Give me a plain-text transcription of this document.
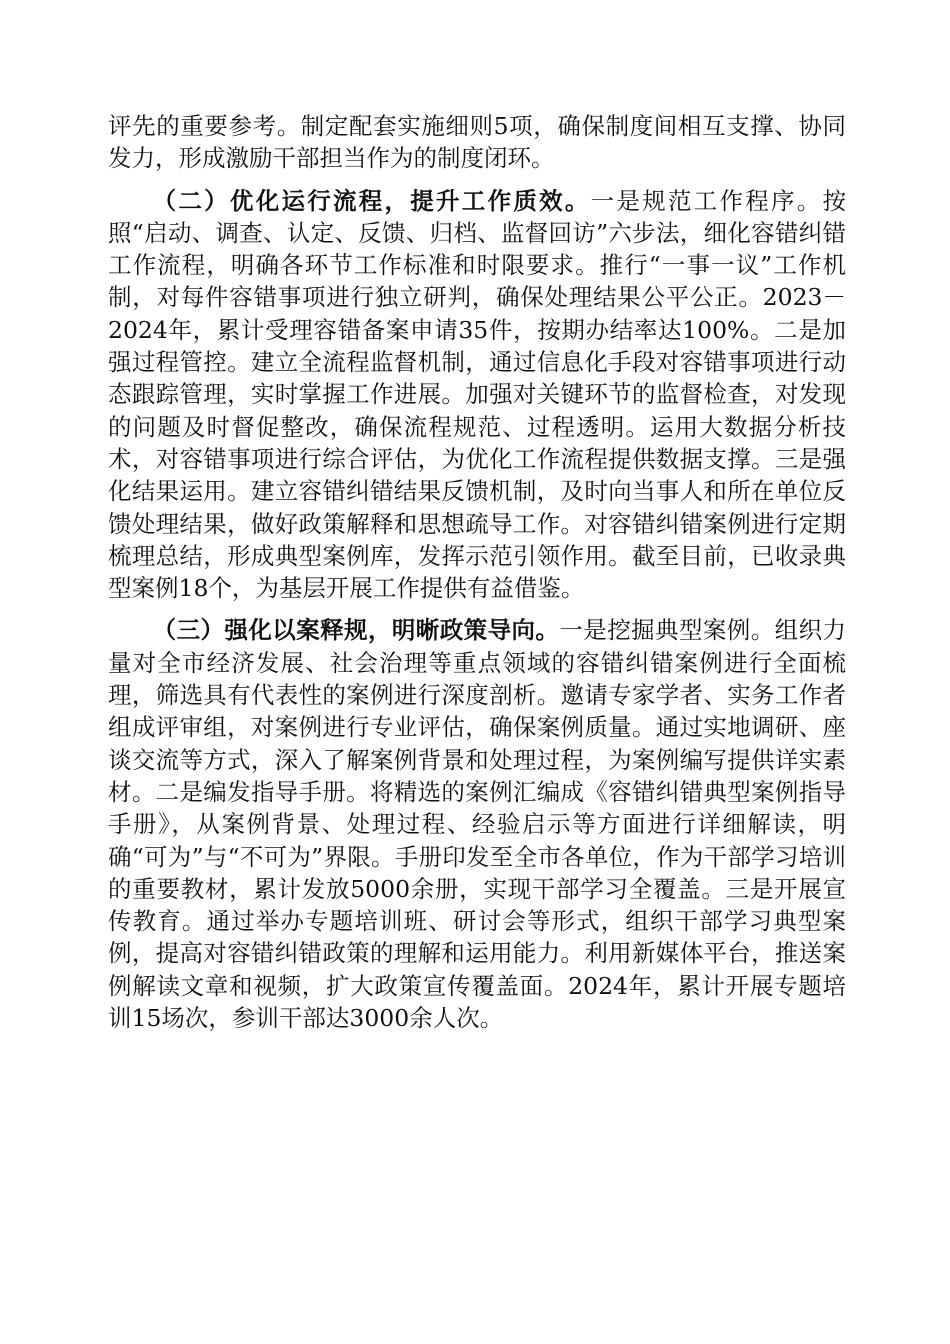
评先的重要参考。制定配套实施细则5项，确保制度间相互支撑、协同发力，形成激励干部担当作为的制度闭环。

（二）优化运行流程，提升工作质效。一是规范工作程序。按照“启动、调查、认定、反馈、归档、监督回访”六步法，细化容错纠错工作流程，明确各环节工作标准和时限要求。推行“一事一议”工作机制，对每件容错事项进行独立研判，确保处理结果公平公正。2023－2024年，累计受理容错备案申请35件，按期办结率达100%。二是加强过程管控。建立全流程监督机制，通过信息化手段对容错事项进行动态跟踪管理，实时掌握工作进展。加强对关键环节的监督检查，对发现的问题及时督促整改，确保流程规范、过程透明。运用大数据分析技术，对容错事项进行综合评估，为优化工作流程提供数据支撑。三是强化结果运用。建立容错纠错结果反馈机制，及时向当事人和所在单位反馈处理结果，做好政策解释和思想疏导工作。对容错纠错案例进行定期梳理总结，形成典型案例库，发挥示范引领作用。截至目前，已收录典型案例18个，为基层开展工作提供有益借鉴。

（三）强化以案释规，明晰政策导向。一是挖掘典型案例。组织力量对全市经济发展、社会治理等重点领域的容错纠错案例进行全面梳理，筛选具有代表性的案例进行深度剖析。邀请专家学者、实务工作者组成评审组，对案例进行专业评估，确保案例质量。通过实地调研、座谈交流等方式，深入了解案例背景和处理过程，为案例编写提供详实素材。二是编发指导手册。将精选的案例汇编成《容错纠错典型案例指导手册》，从案例背景、处理过程、经验启示等方面进行详细解读，明确“可为”与“不可为”界限。手册印发至全市各单位，作为干部学习培训的重要教材，累计发放5000余册，实现干部学习全覆盖。三是开展宣传教育。通过举办专题培训班、研讨会等形式，组织干部学习典型案例，提高对容错纠错政策的理解和运用能力。利用新媒体平台，推送案例解读文章和视频，扩大政策宣传覆盖面。2024年，累计开展专题培训15场次，参训干部达3000余人次。
